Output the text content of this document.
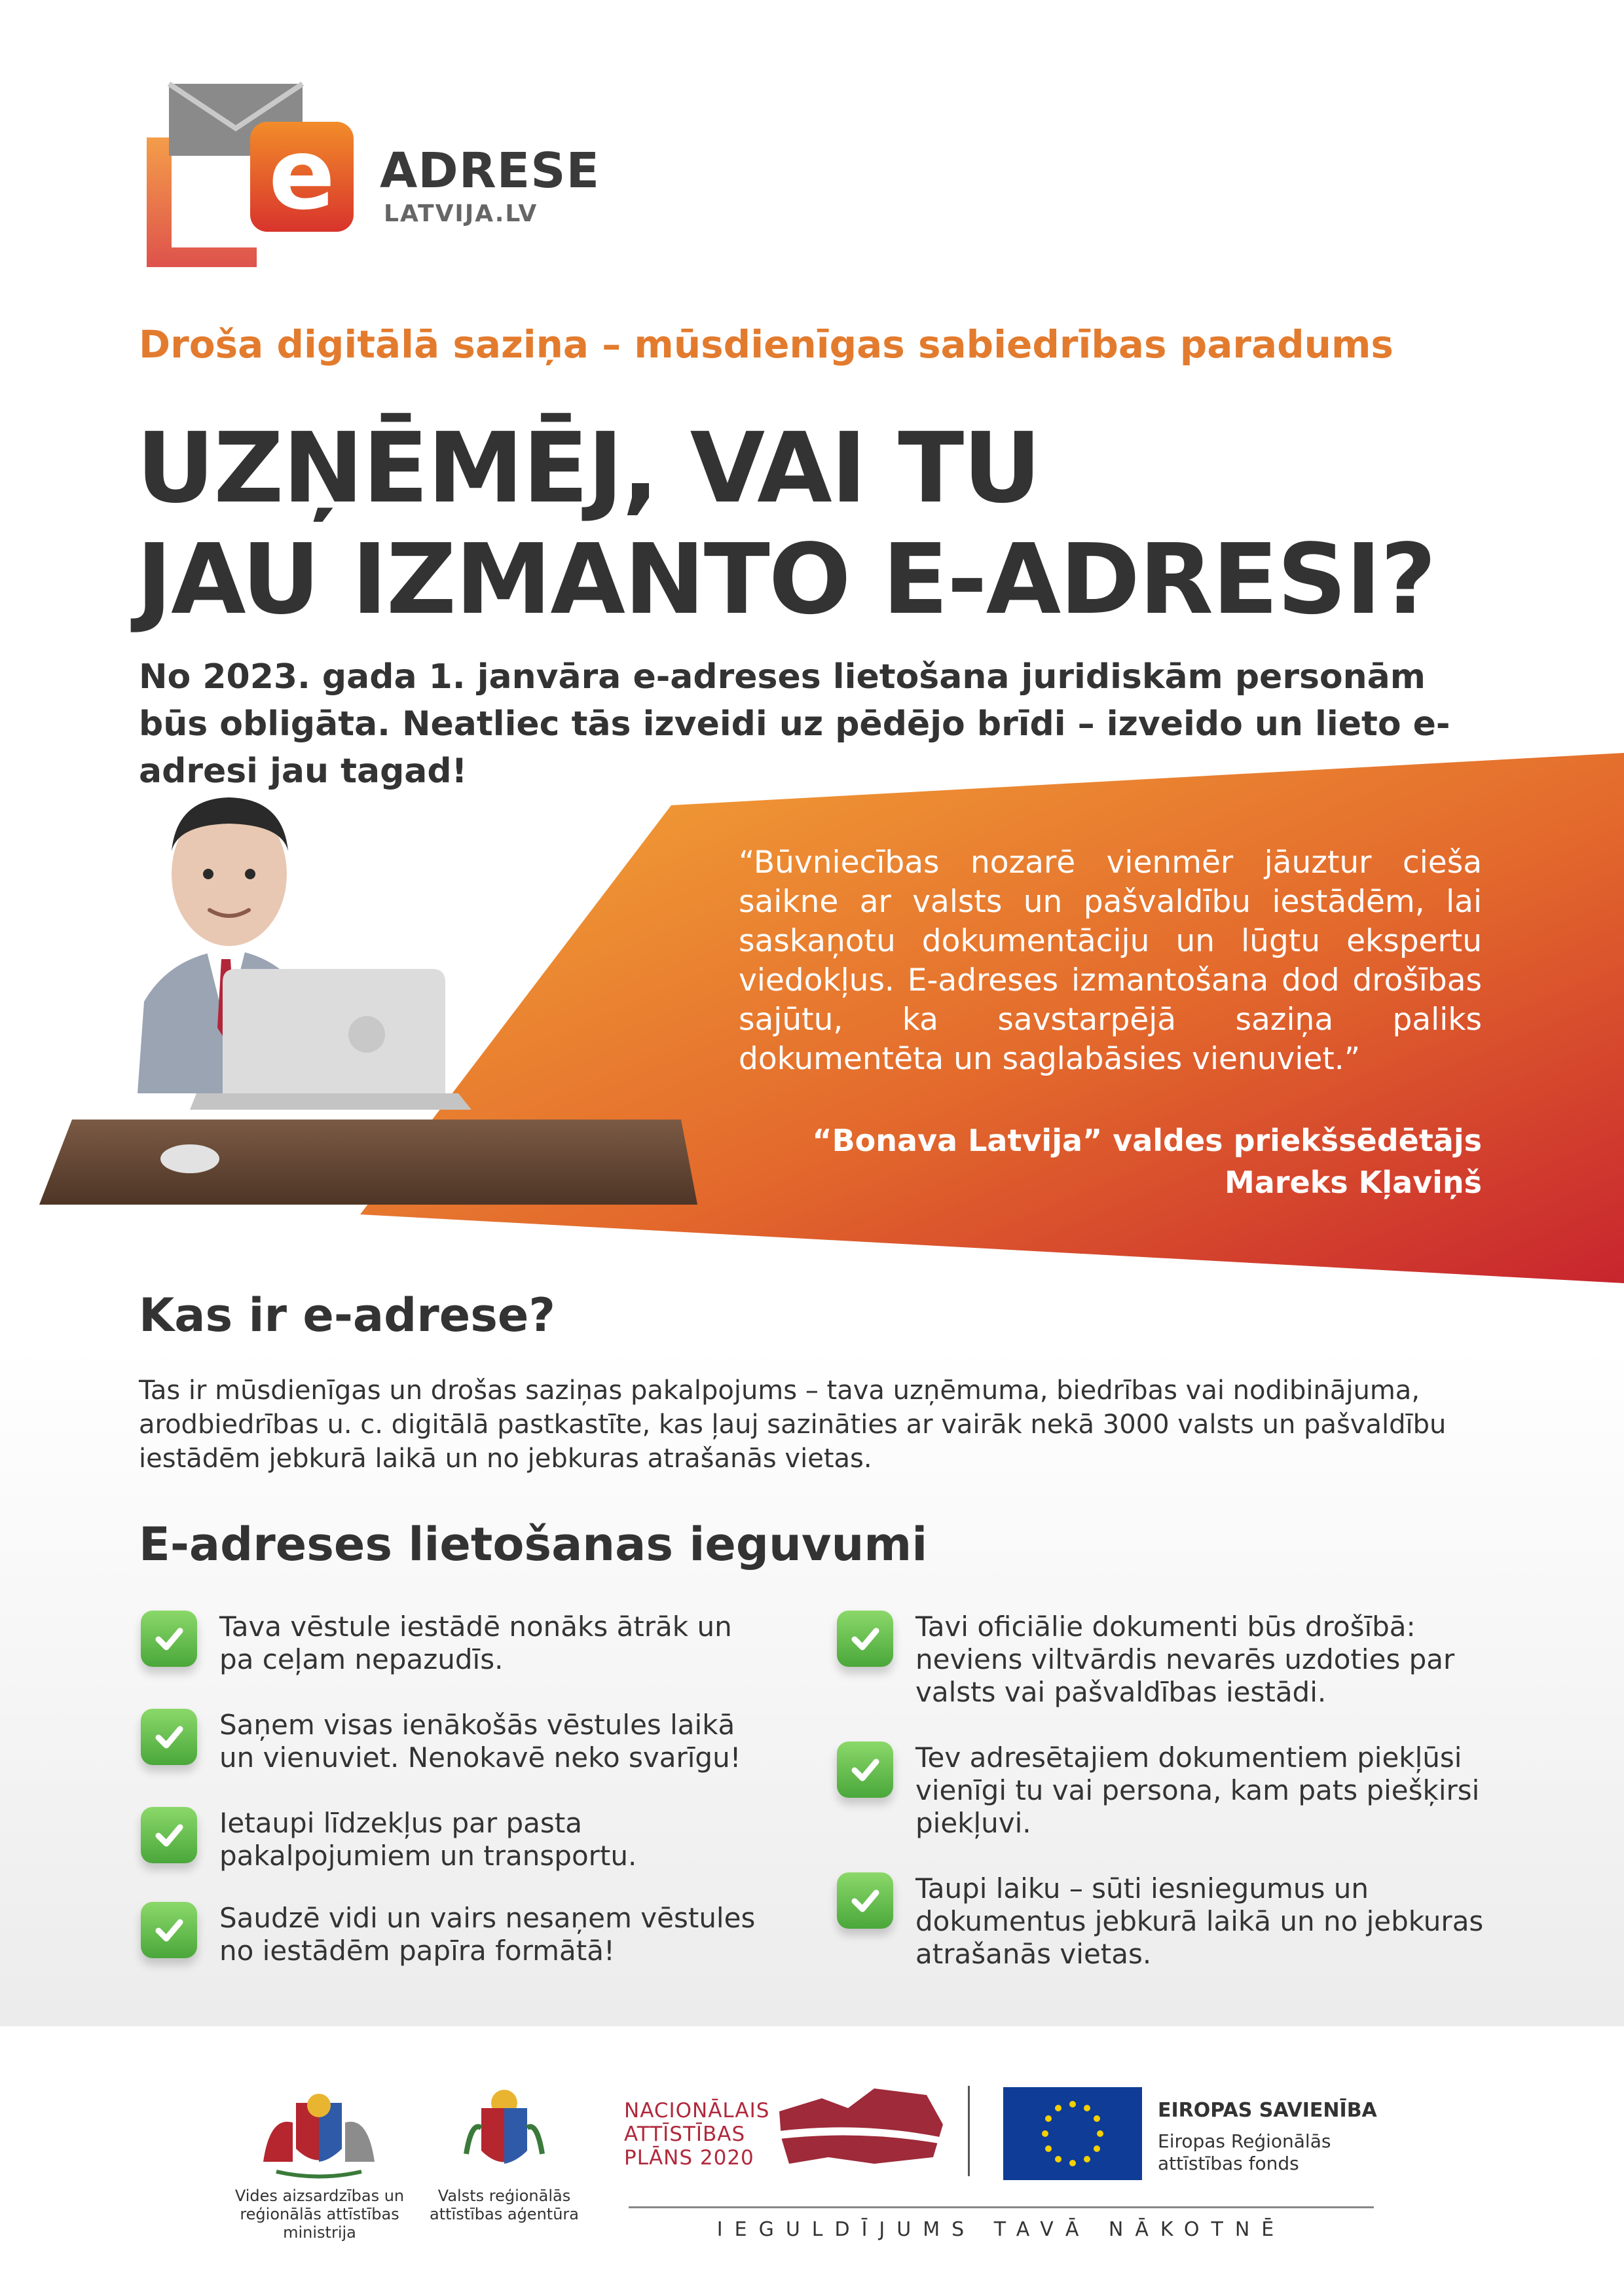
e ADRESE
LATVIJA.LV
Droša digitālā saziņa – mūsdienīgas sabiedrības paradums
UZŅĒMĒJ, VAI TU
JAU IZMANTO E-ADRESI?
No 2023. gada 1. janvāra e-adreses lietošana juridiskām personām būs obligāta. Neatliec tās izveidi uz pēdējo brīdi – izveido un lieto e-adresi jau tagad!
“Būvniecības nozarē vienmēr jāuztur cieša saikne ar valsts un pašvaldību iestādēm, lai saskaņotu dokumentāciju un lūgtu ekspertu viedokļus. E-adreses izmantošana dod drošības sajūtu, ka savstarpējā saziņa paliks dokumentēta un saglabāsies vienuviet.”
“Bonava Latvija” valdes priekšsēdētājs
Mareks Kļaviņš
Kas ir e-adrese?
Tas ir mūsdienīgas un drošas saziņas pakalpojums – tava uzņēmuma, biedrības vai nodibinājuma, arodbiedrības u. c. digitālā pastkastīte, kas ļauj sazināties ar vairāk nekā 3000 valsts un pašvaldību iestādēm jebkurā laikā un no jebkuras atrašanās vietas.
E-adreses lietošanas ieguvumi
Tava vēstule iestādē nonāks ātrāk un pa ceļam nepazudīs.
Saņem visas ienākošās vēstules laikā un vienuviet. Nenokavē neko svarīgu!
Ietaupi līdzekļus par pasta pakalpojumiem un transportu.
Saudzē vidi un vairs nesaņem vēstules no iestādēm papīra formātā!
Tavi oficiālie dokumenti būs drošībā: neviens viltvārdis nevarēs uzdoties par valsts vai pašvaldības iestādi.
Tev adresētajiem dokumentiem piekļūsi vienīgi tu vai persona, kam pats piešķirsi piekļuvi.
Taupi laiku – sūti iesniegumus un dokumentus jebkurā laikā un no jebkuras atrašanās vietas.
Vides aizsardzības un
reģionālās attīstības
ministrija
Valsts reģionālās
attīstības aģentūra
NACIONĀLAIS
ATTĪSTĪBAS
PLĀNS 2020
EIROPAS SAVIENĪBA
Eiropas Reģionālās
attīstības fonds
IEGULDĪJUMS TAVĀ NĀKOTNĒ
